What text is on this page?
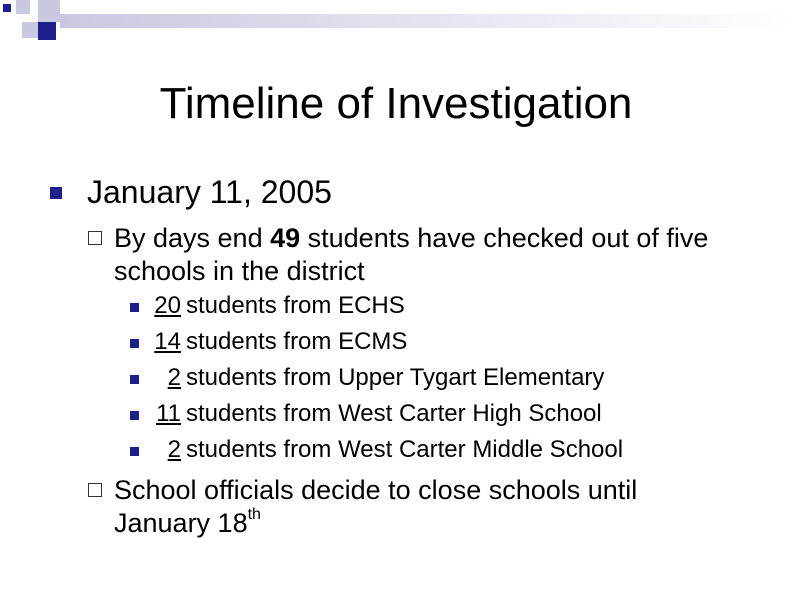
Timeline of Investigation
January 11, 2005
By days end 49 students have checked out of five schools in the district
20 students from ECHS
14 students from ECMS
2 students from Upper Tygart Elementary
11 students from West Carter High School
2 students from West Carter Middle School
School officials decide to close schools until January 18th
